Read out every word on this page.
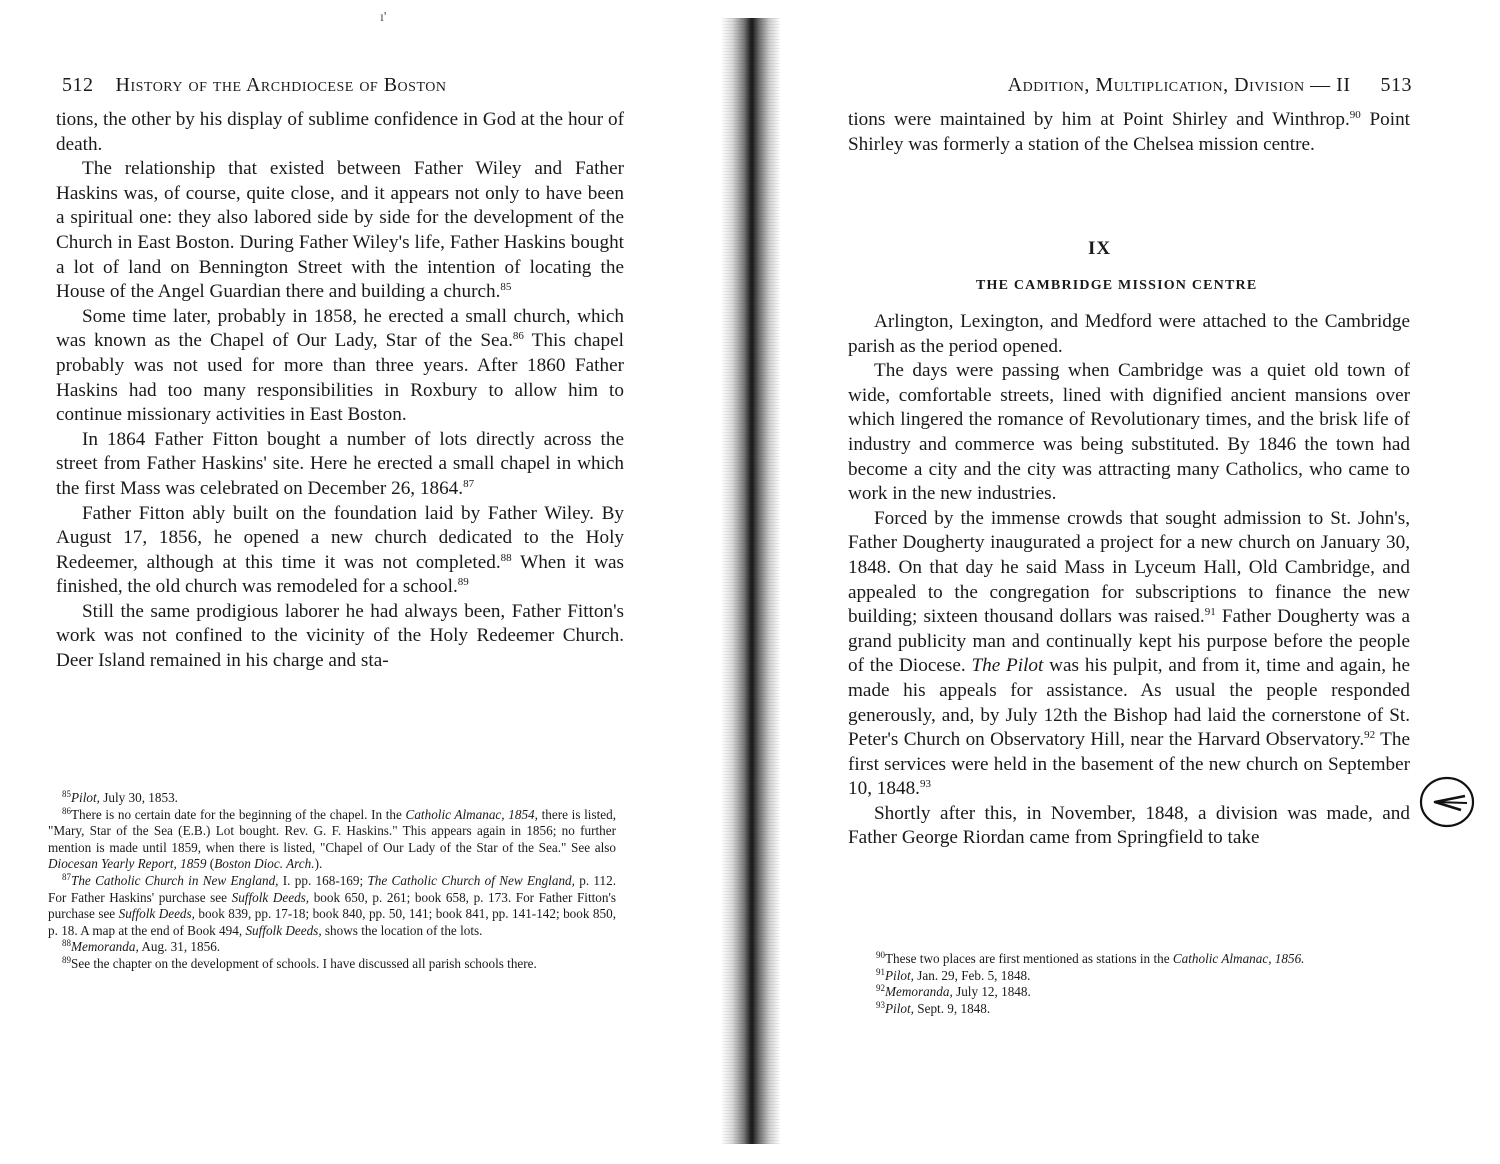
ı'
512 History of the Archdiocese of Boston

tions, the other by his display of sublime confidence in God at the hour of death.

The relationship that existed between Father Wiley and Father Haskins was, of course, quite close, and it appears not only to have been a spiritual one: they also labored side by side for the development of the Church in East Boston. During Father Wiley's life, Father Haskins bought a lot of land on Bennington Street with the intention of locating the House of the Angel Guardian there and building a church.$^{85}$

Some time later, probably in 1858, he erected a small church, which was known as the Chapel of Our Lady, Star of the Sea.$^{86}$ This chapel probably was not used for more than three years. After 1860 Father Haskins had too many responsibilities in Roxbury to allow him to continue missionary activities in East Boston.

In 1864 Father Fitton bought a number of lots directly across the street from Father Haskins' site. Here he erected a small chapel in which the first Mass was celebrated on December 26, 1864.87

Father Fitton ably built on the foundation laid by Father Wiley. By August 17, 1856, he opened a new church dedicated to the Holy Redeemer, although at this time it was not completed.$^{88}$ When it was finished, the old church was remodeled for a school.$^{89}$

Still the same prodigious laborer he had always been, Father Fitton's work was not confined to the vicinity of the Holy Redeemer Church. Deer Island remained in his charge and sta-

$^{85}$Pilot, July 30, 1853.

$^{86}$There is no certain date for the beginning of the chapel. In the Catholic Almanac, 1854, there is listed, "Mary, Star of the Sea (E.B.) Lot bought. Rev. G. F. Haskins." This appears again in 1856; no further mention is made until 1859, when there is listed, "Chapel of Our Lady of the Star of the Sea." See also Diocesan Yearly Report, 1859 (Boston Dioc. Arch.).

$^{87}$The Catholic Church in New England, I. pp. 168-169; The Catholic Church of New England, p. 112. For Father Haskins' purchase see Suffolk Deeds, book 650, p. 261; book 658, p. 173. For Father Fitton's purchase see Suffolk Deeds, book 839, pp. 17-18; book 840, pp. 50, 141; book 841, pp. 141-142; book 850, p. 18. A map at the end of Book 494, Suffolk Deeds, shows the location of the lots.

$^{88}$Memoranda, Aug. 31, 1856.

$^{89}$See the chapter on the development of schools. I have discussed all parish schools there.

Addition, Multiplication, Division — II 513

tions were maintained by him at Point Shirley and Winthrop.$^{90}$ Point Shirley was formerly a station of the Chelsea mission centre.

IX
THE CAMBRIDGE MISSION CENTRE

Arlington, Lexington, and Medford were attached to the Cambridge parish as the period opened.

The days were passing when Cambridge was a quiet old town of wide, comfortable streets, lined with dignified ancient mansions over which lingered the romance of Revolutionary times, and the brisk life of industry and commerce was being substituted. By 1846 the town had become a city and the city was attracting many Catholics, who came to work in the new industries.

Forced by the immense crowds that sought admission to St. John's, Father Dougherty inaugurated a project for a new church on January 30, 1848. On that day he said Mass in Lyceum Hall, Old Cambridge, and appealed to the congregation for subscriptions to finance the new building; sixteen thousand dollars was raised.$^{91}$ Father Dougherty was a grand publicity man and continually kept his purpose before the people of the Diocese. The Pilot was his pulpit, and from it, time and again, he made his appeals for assistance. As usual the people responded generously, and, by July 12th the Bishop had laid the cornerstone of St. Peter's Church on Observatory Hill, near the Harvard Observatory.$^{92}$ The first services were held in the basement of the new church on September 10, 1848.93

Shortly after this, in November, 1848, a division was made, and Father George Riordan came from Springfield to take

$^{90}$These two places are first mentioned as stations in the Catholic Almanac, 1856.

$^{91}$Pilot, Jan. 29, Feb. 5, 1848.

$^{92}$Memoranda, July 12, 1848.

$^{93}$Pilot, Sept. 9, 1848.
